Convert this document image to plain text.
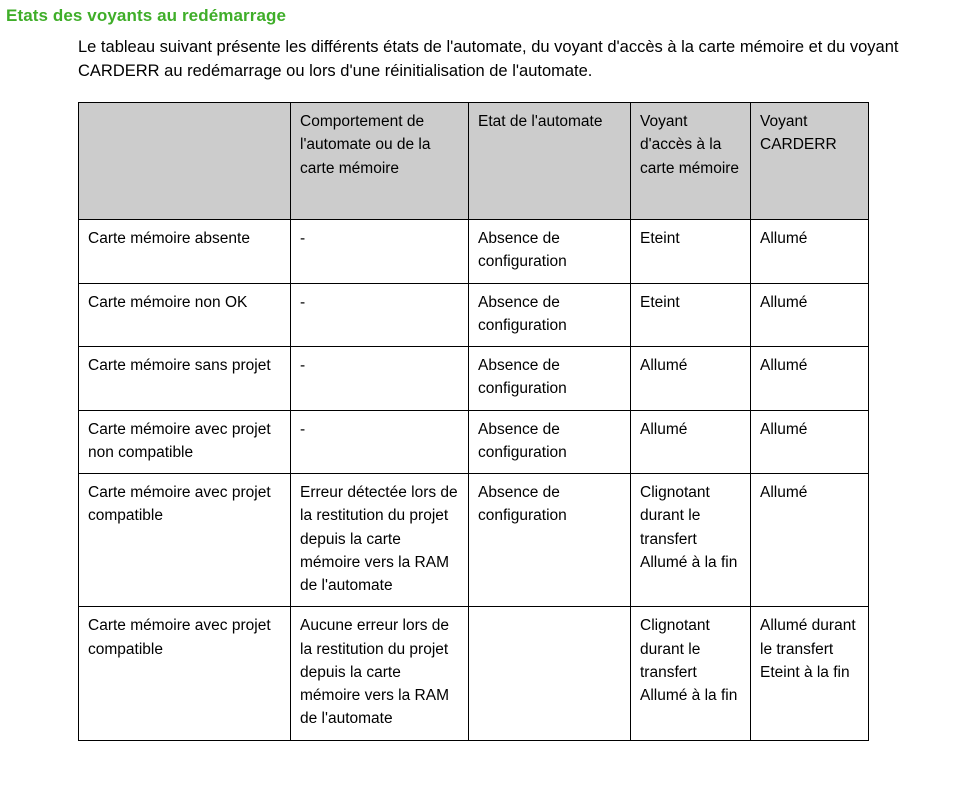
Etats des voyants au redémarrage

Le tableau suivant présente les différents états de l'automate, du voyant d'accès à la carte mémoire et du voyant CARDERR au redémarrage ou lors d'une réinitialisation de l'automate.

	Comportement de l'automate ou de la carte mémoire	Etat de l'automate	Voyant d'accès à la carte mémoire	Voyant CARDERR
Carte mémoire absente	-	Absence de configuration	Eteint	Allumé
Carte mémoire non OK	-	Absence de configuration	Eteint	Allumé
Carte mémoire sans projet	-	Absence de configuration	Allumé	Allumé
Carte mémoire avec projet non compatible	-	Absence de configuration	Allumé	Allumé
Carte mémoire avec projet compatible	Erreur détectée lors de la restitution du projet depuis la carte mémoire vers la RAM de l'automate	Absence de configuration	Clignotant durant le transfert Allumé à la fin	Allumé
Carte mémoire avec projet compatible	Aucune erreur lors de la restitution du projet depuis la carte mémoire vers la RAM de l'automate		Clignotant durant le transfert Allumé à la fin	Allumé durant le transfert Eteint à la fin
